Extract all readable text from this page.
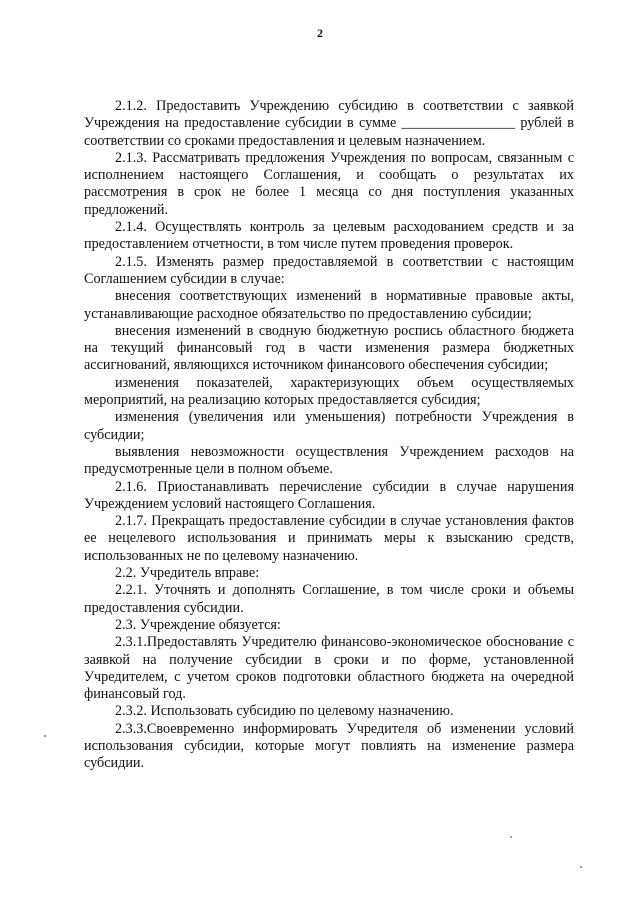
2

2.1.2. Предоставить Учреждению субсидию в соответствии с заявкой Учреждения на предоставление субсидии в сумме ________________ рублей в соответствии со сроками предоставления и целевым назначением.

2.1.3. Рассматривать предложения Учреждения по вопросам, связанным с исполнением настоящего Соглашения, и сообщать о результатах их рассмотрения в срок не более 1 месяца со дня поступления указанных предложений.

2.1.4. Осуществлять контроль за целевым расходованием средств и за предоставлением отчетности, в том числе путем проведения проверок.

2.1.5. Изменять размер предоставляемой в соответствии с настоящим Соглашением субсидии в случае:

внесения соответствующих изменений в нормативные правовые акты, устанавливающие расходное обязательство по предоставлению субсидии;

внесения изменений в сводную бюджетную роспись областного бюджета на текущий финансовый год в части изменения размера бюджетных ассигнований, являющихся источником финансового обеспечения субсидии;

изменения показателей, характеризующих объем осуществляемых мероприятий, на реализацию которых предоставляется субсидия;

изменения (увеличения или уменьшения) потребности Учреждения в субсидии;

выявления невозможности осуществления Учреждением расходов на предусмотренные цели в полном объеме.

2.1.6. Приостанавливать перечисление субсидии в случае нарушения Учреждением условий настоящего Соглашения.

2.1.7. Прекращать предоставление субсидии в случае установления фактов ее нецелевого использования и принимать меры к взысканию средств, использованных не по целевому назначению.

2.2. Учредитель вправе:

2.2.1. Уточнять и дополнять Соглашение, в том числе сроки и объемы предоставления субсидии.

2.3. Учреждение обязуется:

2.3.1.Предоставлять Учредителю финансово-экономическое обоснование с заявкой на получение субсидии в сроки и по форме, установленной Учредителем, с учетом сроков подготовки областного бюджета на очередной финансовый год.

2.3.2. Использовать субсидию по целевому назначению.

2.3.3.Своевременно информировать Учредителя об изменении условий использования субсидии, которые могут повлиять на изменение размера субсидии.
